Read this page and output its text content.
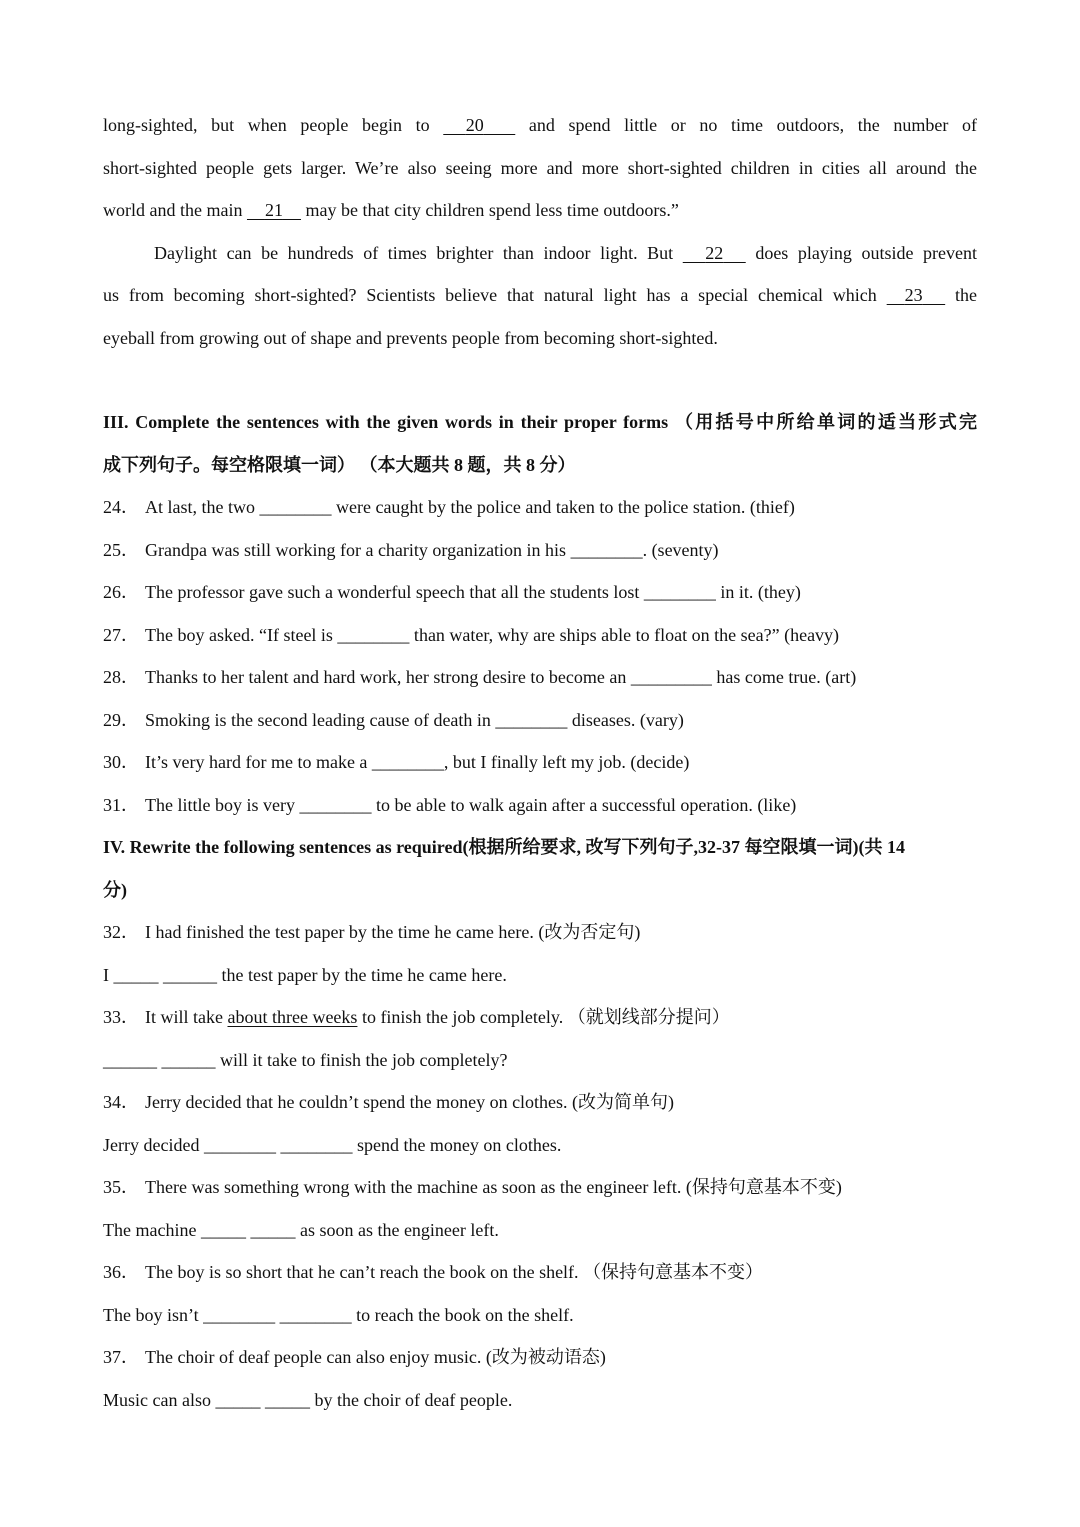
long-sighted, but when people begin to 20	and spend little or no time outdoors, the number of
short-sighted people gets larger. We’re also seeing more and more short-sighted children in cities all around the
world and the main 21 may be that city children spend less time outdoors.”
Daylight can be hundreds of times brighter than indoor light. But 22 does playing outside prevent
us from becoming short-sighted? Scientists believe that natural light has a special chemical which 23 the
eyeball from growing out of shape and prevents people from becoming short-sighted.
III. Complete the sentences with the given words in their proper forms （用括号中所给单词的适当形式完
成下列句子。每空格限填一词） （本大题共 8 题，共 8 分）
24． At last, the two ________ were caught by the police and taken to the police station. (thief)
25． Grandpa was still working for a charity organization in his ________. (seventy)
26． The professor gave such a wonderful speech that all the students lost ________ in it. (they)
27． The boy asked. “If steel is ________ than water, why are ships able to float on the sea?” (heavy)
28． Thanks to her talent and hard work, her strong desire to become an _________ has come true. (art)
29． Smoking is the second leading cause of death in ________ diseases. (vary)
30． It’s very hard for me to make a ________, but I finally left my job. (decide)
31． The little boy is very ________ to be able to walk again after a successful operation. (like)
IV. Rewrite the following sentences as required(根据所给要求, 改写下列句子,32-37 每空限填一词)(共 14
分)
32． I had finished the test paper by the time he came here. (改为否定句)
I _____ ______ the test paper by the time he came here.
33． It will take about three weeks to finish the job completely. （就划线部分提问）
______ ______ will it take to finish the job completely?
34． Jerry decided that he couldn’t spend the money on clothes. (改为简单句)
Jerry decided ________ ________ spend the money on clothes.
35． There was something wrong with the machine as soon as the engineer left. (保持句意基本不变)
The machine _____ _____ as soon as the engineer left.
36． The boy is so short that he can’t reach the book on the shelf. （保持句意基本不变）
The boy isn’t ________ ________ to reach the book on the shelf.
37． The choir of deaf people can also enjoy music. (改为被动语态)
Music can also _____ _____ by the choir of deaf people.
